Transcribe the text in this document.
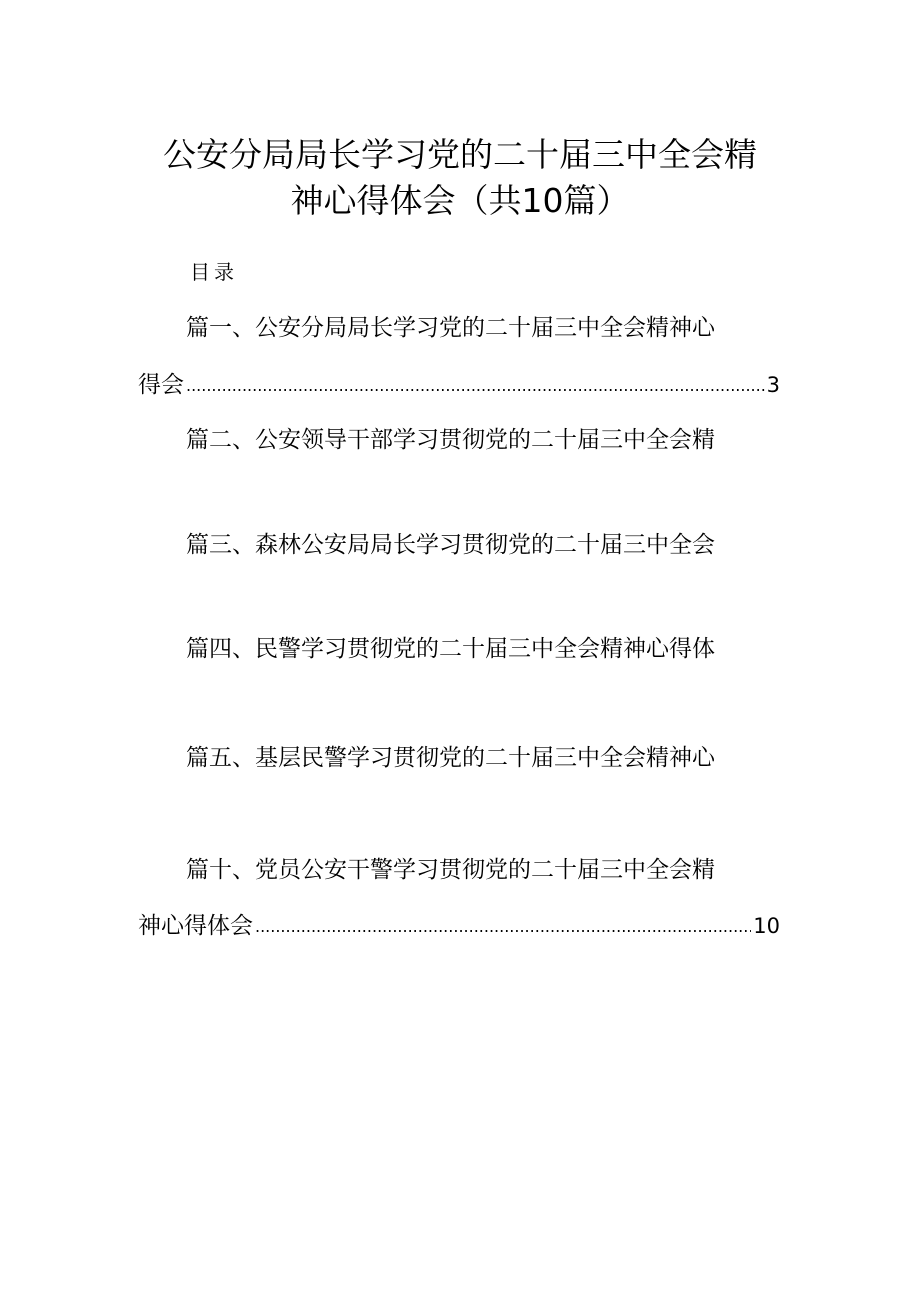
公安分局局长学习党的二十届三中全会精
神心得体会（共10篇）
目录
篇一、公安分局局长学习党的二十届三中全会精神心
得会 .....	3
篇二、公安领导干部学习贯彻党的二十届三中全会精
篇三、森林公安局局长学习贯彻党的二十届三中全会
篇四、民警学习贯彻党的二十届三中全会精神心得体
篇五、基层民警学习贯彻党的二十届三中全会精神心
篇十、党员公安干警学习贯彻党的二十届三中全会精
神心得体会 .....	10
